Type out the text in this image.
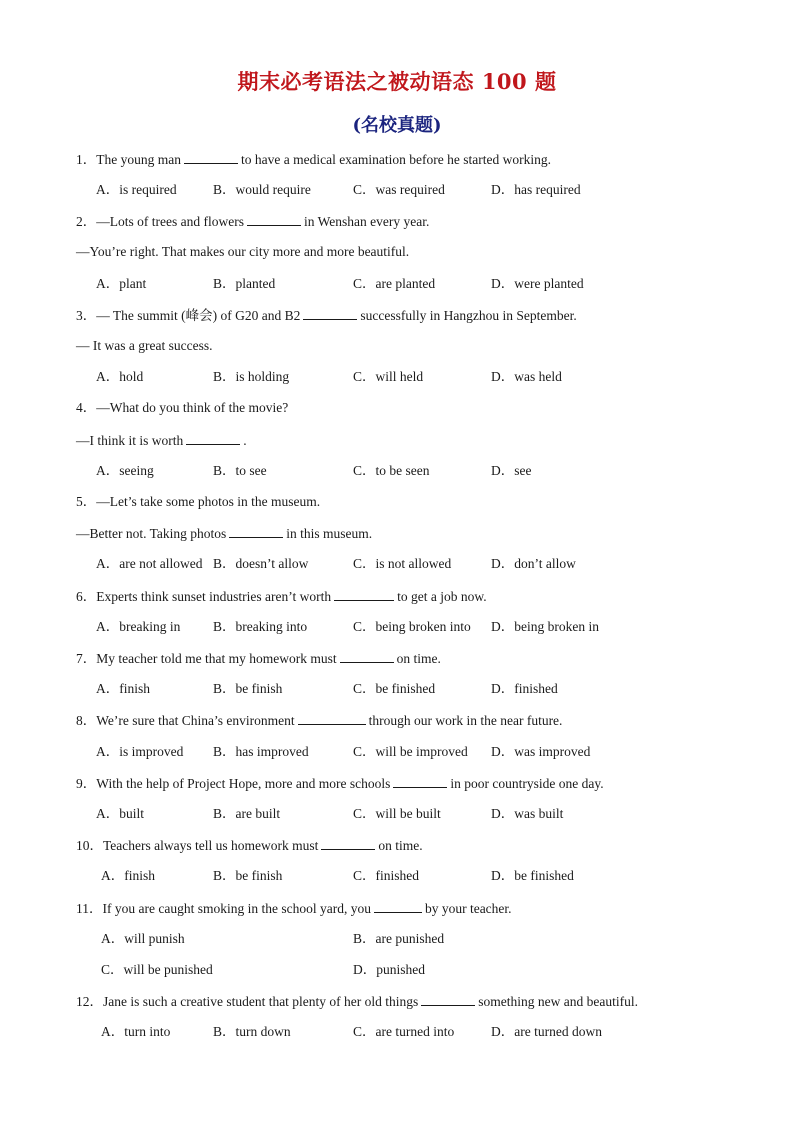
期末必考语法之被动语态 100 题
(名校真题)
1．The young man	to have a medical examination before he started working.
A．is required	B．would require	C．was required	D．has required
2．—Lots of trees and flowers	in Wenshan every year.
—You’re right. That makes our city more and more beautiful.
A．plant	B．planted	C．are planted	D．were planted
3．— The summit (峰会) of G20 and B2	successfully in Hangzhou in September.
— It was a great success.
A．hold	B．is holding	C．will held	D．was held
4．—What do you think of the movie?
—I think it is worth	.
A．seeing	B．to see	C．to be seen	D．see
5．—Let’s take some photos in the museum.
—Better not. Taking photos	in this museum.
A．are not allowed B．doesn’t allow	C．is not allowed	D．don’t allow
6．Experts think sunset industries aren’t worth	to get a job now.
A．breaking in B．breaking into	C．being broken into D．being broken in
7．My teacher told me that my homework must	on time.
A．finish	B．be finish	C．be finished	D．finished
8．We’re sure that China’s environment	through our work in the near future.
A．is improved B．has improved	C．will be improved D．was improved
9．With the help of Project Hope, more and more schools	in poor countryside one day.
A．built	B．are built	C．will be built	D．was built
10．Teachers always tell us homework must	on time.
A．finish	B．be finish	C．finished	D．be finished
11．If you are caught smoking in the school yard, you	by your teacher.
A．will punish	B．are punished
C．will be punished	D．punished
12．Jane is such a creative student that plenty of her old things	something new and beautiful.
A．turn into	B．turn down	C．are turned into	D．are turned down
